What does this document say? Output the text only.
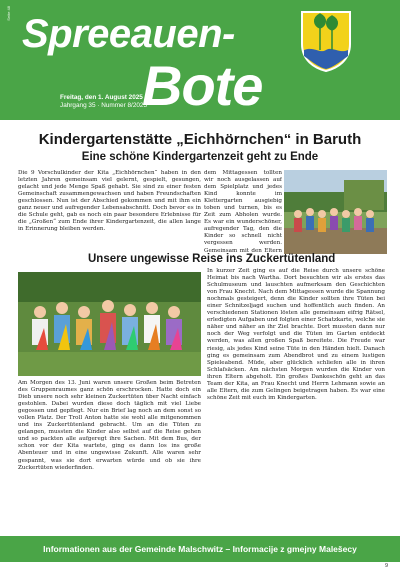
Seite 48 Spreeauen-
Bote
Freitag, den 1. August 2025
Jahrgang 35 · Nummer 8/2025
Kindergartenstätte „Eichhörnchen“ in Baruth
Eine schöne Kindergartenzeit geht zu Ende

Die 9 Vorschulkinder der Kita „Eichhörnchen“ haben in den letzten Jahren gemeinsam viel gelernt, gespielt, gesungen, gelacht und jede Menge Spaß gehabt. Sie sind zu einer festen Gemeinschaft zusammengewachsen und haben Freundschaften geschlossen. Nun ist der Abschied gekommen und mit ihm ein ganz neuer und aufregender Lebensabschnitt. Doch bevor es in die Schule geht, gab es noch ein paar besondere Erlebnisse für die „Großen“ zum Ende ihrer Kindergartenzeit, die allen lange in Erinnerung bleiben werden.

dem Mittagessen tollten wir noch ausgelassen auf dem Spielplatz und jedes Kind konnte im Klettergarten ausgiebig toben und turnen, bis es Zeit zum Abholen wurde. Es war ein wunderschöner, aufregender Tag, den die Kinder so schnell nicht vergessen werden. Gemeinsam mit den Eltern

Unsere ungewisse Reise ins Zuckertütenland

In kurzer Zeit ging es auf die Reise durch unsere schöne Heimat bis nach Wartha. Dort besuchten wir als erstes das Schulmuseum und lauschten aufmerksam den Geschichten von Frau Knecht. Nach dem Mittagessen wurde die Spannung nochmals gesteigert, denn die Kinder sollten ihre Tüten bei einer Schnitzeljagd suchen und hoffentlich auch finden. An verschiedenen Stationen lösten alle gemeinsam eifrig Rätsel, erledigten Aufgaben und folgten einer Schatzkarte, welche sie näher und näher an ihr Ziel brachte. Dort mussten dann nur noch der Weg verfolgt und die Tüten im Garten entdeckt werden, was allen großen Spaß bereitete. Die Freude war riesig, als jedes Kind seine Tüte in den Händen hielt. Danach ging es gemeinsam zum Abendbrot und zu einem lustigen Spieleabend. Müde, aber glücklich schliefen alle in ihren Schlafsäcken. Am nächsten Morgen wurden die Kinder von ihren Eltern abgeholt. Ein großes Dankeschön geht an das Team der Kita, an Frau Knecht und Herrn Lehmann sowie an alle Eltern, die zum Gelingen beigetragen haben. Es war eine schöne Zeit mit euch im Kindergarten.

Am Morgen des 13. Juni waren unsere Großen beim Betreten des Gruppenraumes ganz schön erschrocken. Hatte doch ein Dieb unsere noch sehr kleinen Zuckertüten über Nacht einfach gestohlen. Dabei wurden diese doch täglich mit viel Liebe gegossen und gepflegt. Nur ein Brief lag noch an dem sonst so vollen Platz. Der Troll Anton hatte sie wohl alle mitgenommen und ins Zuckertütenland gebracht. Um an die Tüten zu gelangen, mussten die Kinder also selbst auf die Reise gehen und so packten alle aufgeregt ihre Sachen. Mit dem Bus, der schon vor der Kita wartete, ging es dann los ins große Abenteuer und in eine ungewisse Zukunft. Alle waren sehr gespannt, was sie dort erwarten würde und ob sie ihre Zuckertüten wiederfinden.

Informationen aus der Gemeinde Malschwitz – Informacije z gmejny Malešecy
9
